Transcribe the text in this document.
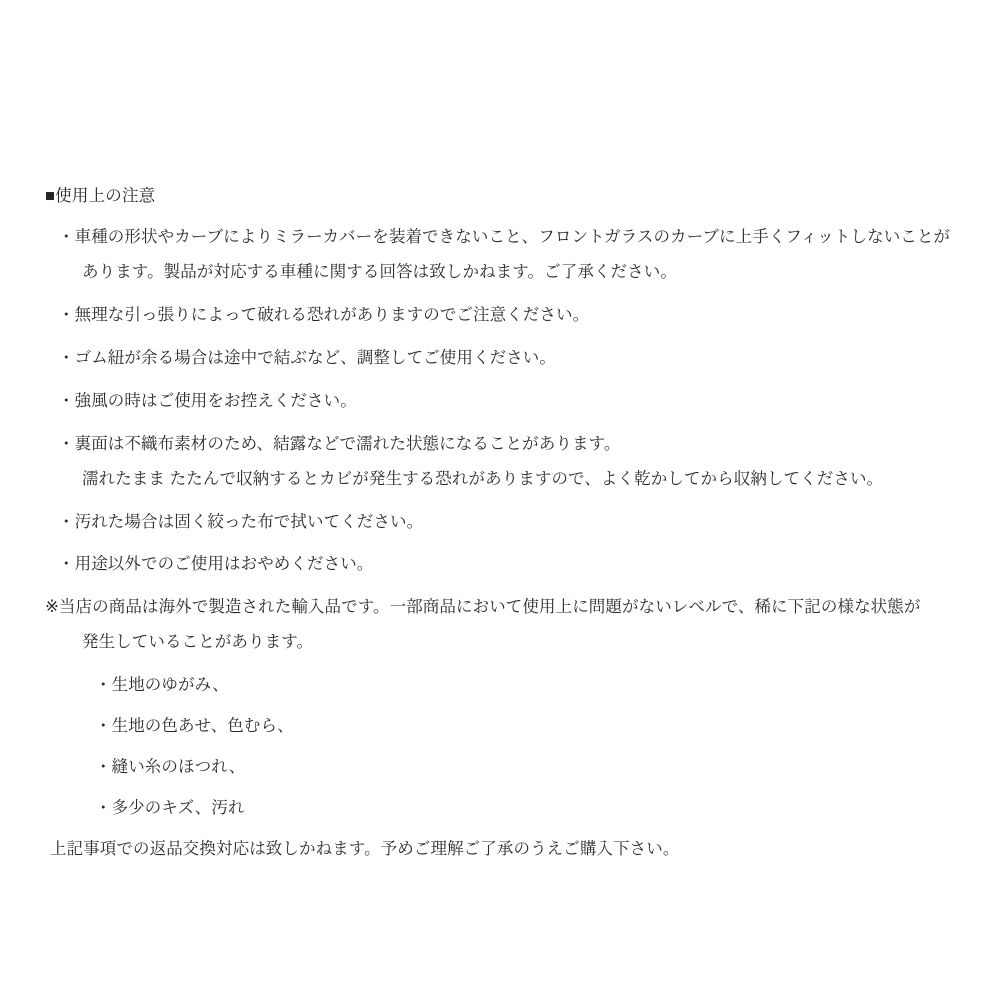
■使用上の注意
・車種の形状やカーブによりミラーカバーを装着できないこと、フロントガラスのカーブに上手くフィットしないことが
あります。製品が対応する車種に関する回答は致しかねます。ご了承ください。
・無理な引っ張りによって破れる恐れがありますのでご注意ください。
・ゴム紐が余る場合は途中で結ぶなど、調整してご使用ください。
・強風の時はご使用をお控えください。
・裏面は不織布素材のため、結露などで濡れた状態になることがあります。
濡れたまま たたんで収納するとカビが発生する恐れがありますので、よく乾かしてから収納してください。
・汚れた場合は固く絞った布で拭いてください。
・用途以外でのご使用はおやめください。
※当店の商品は海外で製造された輸入品です。一部商品において使用上に問題がないレベルで、稀に下記の様な状態が
発生していることがあります。
・生地のゆがみ、
・生地の色あせ、色むら、
・縫い糸のほつれ、
・多少のキズ、汚れ
上記事項での返品交換対応は致しかねます。予めご理解ご了承のうえご購入下さい。
